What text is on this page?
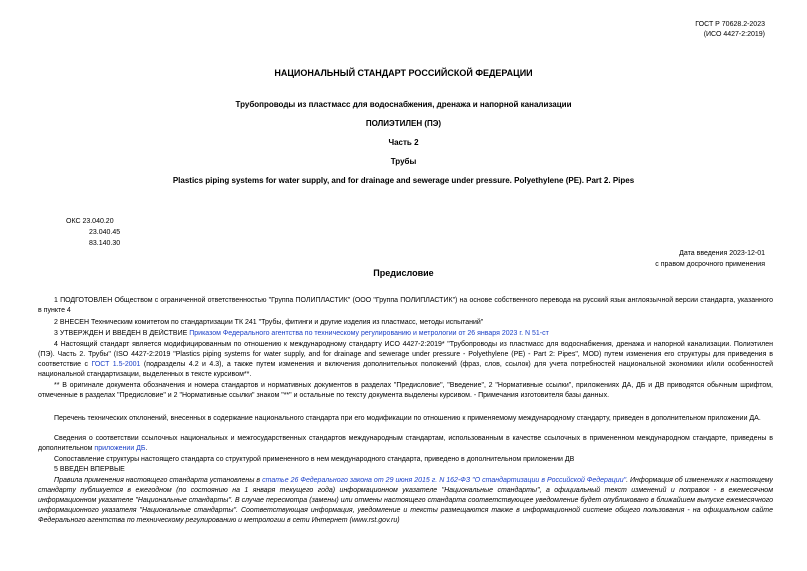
ГОСТ Р 70628.2-2023
(ИСО 4427-2:2019)
НАЦИОНАЛЬНЫЙ СТАНДАРТ РОССИЙСКОЙ ФЕДЕРАЦИИ
Трубопроводы из пластмасс для водоснабжения, дренажа и напорной канализации
ПОЛИЭТИЛЕН (ПЭ)
Часть 2
Трубы
Plastics piping systems for water supply, and for drainage and sewerage under pressure. Polyethylene (PE). Part 2. Pipes
ОКС 23.040.20
23.040.45
83.140.30
Дата введения 2023-12-01
с правом досрочного применения
Предисловие
1 ПОДГОТОВЛЕН Обществом с ограниченной ответственностью "Группа ПОЛИПЛАСТИК" (ООО "Группа ПОЛИПЛАСТИК") на основе собственного перевода на русский язык англоязычной версии стандарта, указанного в пункте 4
2 ВНЕСЕН Техническим комитетом по стандартизации ТК 241 "Трубы, фитинги и другие изделия из пластмасс, методы испытаний"
3 УТВЕРЖДЕН И ВВЕДЕН В ДЕЙСТВИЕ Приказом Федерального агентства по техническому регулированию и метрологии от 26 января 2023 г. N 51-ст
4 Настоящий стандарт является модифицированным по отношению к международному стандарту ИСО 4427-2:2019* "Трубопроводы из пластмасс для водоснабжения, дренажа и напорной канализации. Полиэтилен (ПЭ). Часть 2. Трубы" (ISO 4427-2:2019 "Plastics piping systems for water supply, and for drainage and sewerage under pressure - Polyethylene (PE) - Part 2: Pipes", MOD) путем изменения его структуры для приведения в соответствие с ГОСТ 1.5-2001 (подразделы 4.2 и 4.3), а также путем изменения и включения дополнительных положений (фраз, слов, ссылок) для учета потребностей национальной экономики и/или особенностей национальной стандартизации, выделенных в тексте курсивом**.
** В оригинале документа обозначения и номера стандартов и нормативных документов в разделах "Предисловие", "Введение", 2 "Нормативные ссылки", приложениях ДА, ДБ и ДВ приводятся обычным шрифтом, отмеченные в разделах "Предисловие" и 2 "Нормативные ссылки" знаком "**" и остальные по тексту документа выделены курсивом. - Примечания изготовителя базы данных.
Перечень технических отклонений, внесенных в содержание национального стандарта при его модификации по отношению к применяемому международному стандарту, приведен в дополнительном приложении ДА.
Сведения о соответствии ссылочных национальных и межгосударственных стандартов международным стандартам, использованным в качестве ссылочных в примененном международном стандарте, приведены в дополнительном приложении ДБ.
Сопоставление структуры настоящего стандарта со структурой примененного в нем международного стандарта, приведено в дополнительном приложении ДВ
5 ВВЕДЕН ВПЕРВЫЕ
Правила применения настоящего стандарта установлены в статье 26 Федерального закона от 29 июня 2015 г. N 162-ФЗ "О стандартизации в Российской Федерации". Информация об изменениях к настоящему стандарту публикуется в ежегодном (по состоянию на 1 января текущего года) информационном указателе "Национальные стандарты", а официальный текст изменений и поправок - в ежемесячном информационном указателе "Национальные стандарты". В случае пересмотра (замены) или отмены настоящего стандарта соответствующее уведомление будет опубликовано в ближайшем выпуске ежемесячного информационного указателя "Национальные стандарты". Соответствующая информация, уведомление и тексты размещаются также в информационной системе общего пользования - на официальном сайте Федерального агентства по техническому регулированию и метрологии в сети Интернет (www.rst.gov.ru)
